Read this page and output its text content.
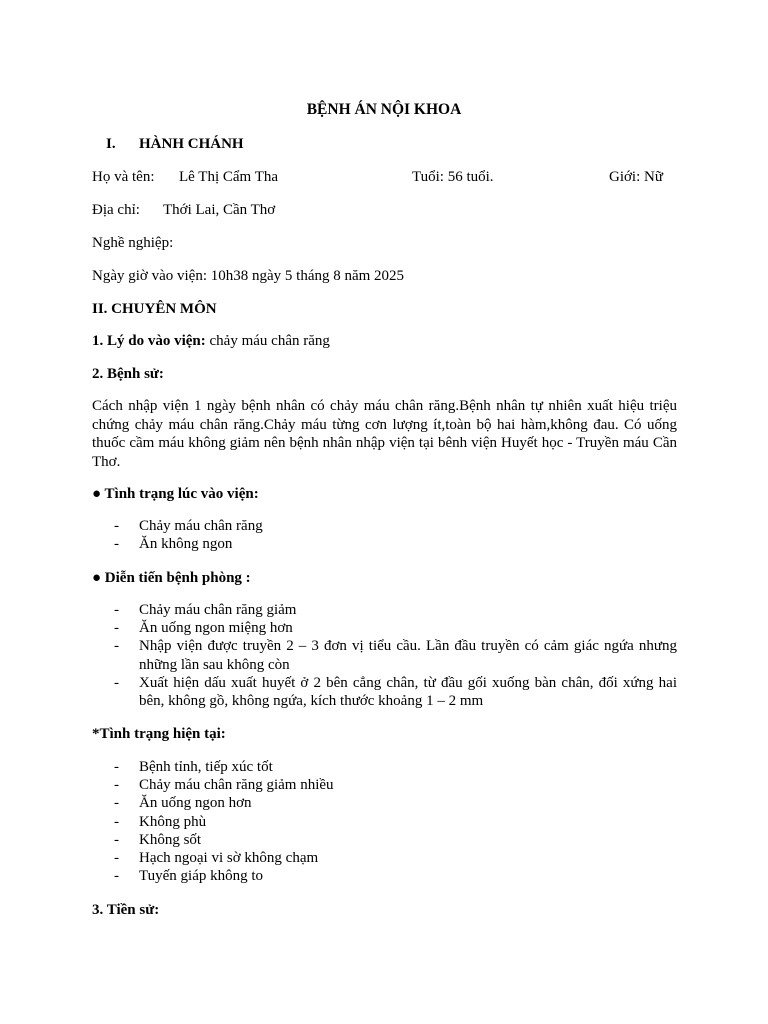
BỆNH ÁN NỘI KHOA
I. HÀNH CHÁNH
Họ và tên: Lê Thị Cẩm Tha	Tuổi: 56 tuổi.	Giới: Nữ
Địa chỉ: Thới Lai, Cần Thơ
Nghề nghiệp:
Ngày giờ vào viện: 10h38 ngày 5 tháng 8 năm 2025
II. CHUYÊN MÔN
1. Lý do vào viện: chảy máu chân răng
2. Bệnh sử:
Cách nhập viện 1 ngày bệnh nhân có chảy máu chân răng.Bệnh nhân tự nhiên xuất hiệu triệu chứng chảy máu chân răng.Chảy máu từng cơn lượng ít,toàn bộ hai hàm,không đau. Có uống thuốc cầm máu không giảm nên bệnh nhân nhập viện tại bênh viện Huyết học - Truyền máu Cần Thơ.
● Tình trạng lúc vào viện:
- Chảy máu chân răng
- Ăn không ngon
● Diễn tiến bệnh phòng :
- Chảy máu chân răng giảm
- Ăn uống ngon miệng hơn
- Nhập viện được truyền 2 – 3 đơn vị tiểu cầu. Lần đầu truyền có cảm giác ngứa nhưng những lần sau không còn
- Xuất hiện dấu xuất huyết ở 2 bên cẳng chân, từ đầu gối xuống bàn chân, đối xứng hai bên, không gồ, không ngứa, kích thước khoảng 1 – 2 mm
*Tình trạng hiện tại:
- Bệnh tỉnh, tiếp xúc tốt
- Chảy máu chân răng giảm nhiều
- Ăn uống ngon hơn
- Không phù
- Không sốt
- Hạch ngoại vi sờ không chạm
- Tuyến giáp không to
3. Tiền sử:
